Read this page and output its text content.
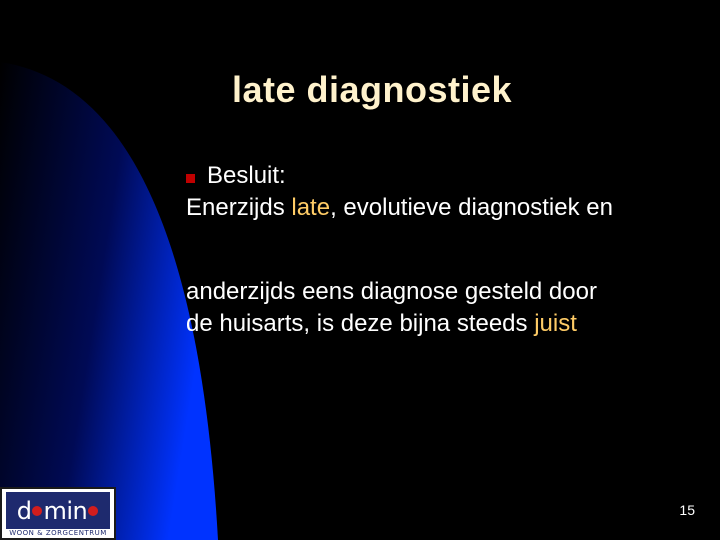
late diagnostiek
Besluit:
Enerzijds late, evolutieve diagnostiek en
anderzijds eens diagnose gesteld door
de huisarts, is deze bijna steeds juist
d min
WOON & ZORGCENTRUM
15
